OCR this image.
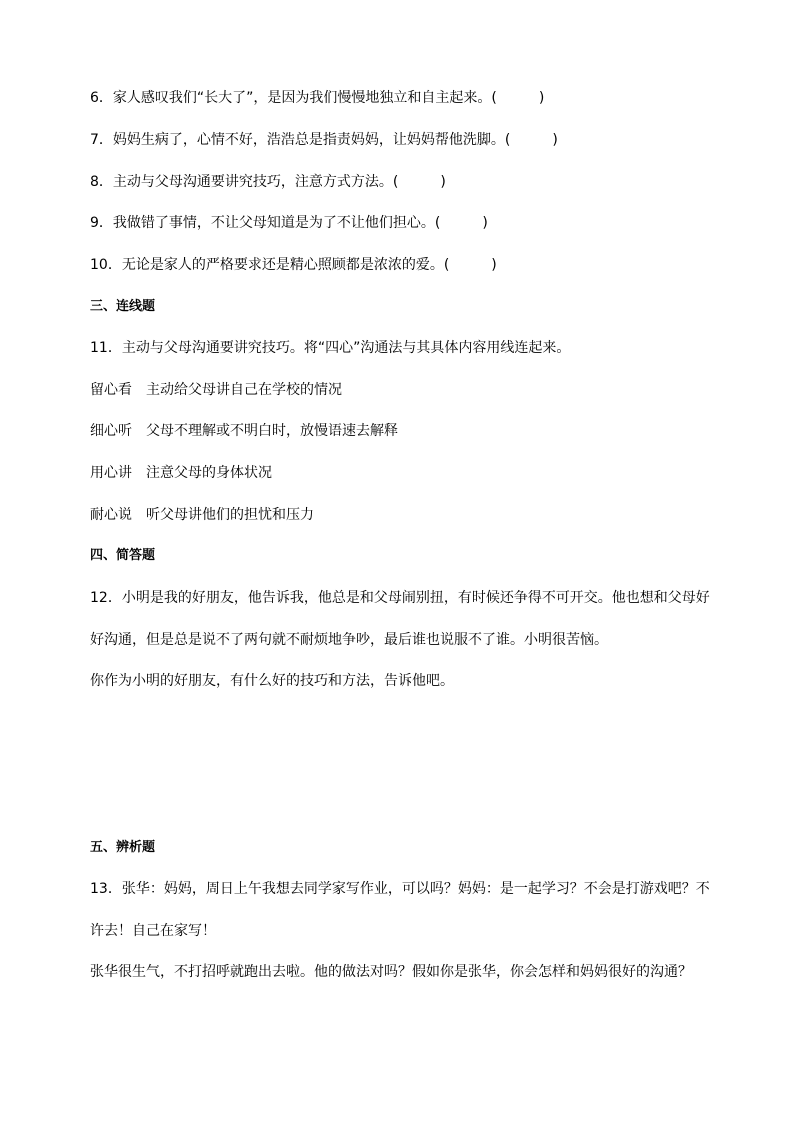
6．家人感叹我们“长大了”，是因为我们慢慢地独立和自主起来。(　　　)
7．妈妈生病了，心情不好，浩浩总是指责妈妈，让妈妈帮他洗脚。(　　　)
8．主动与父母沟通要讲究技巧，注意方式方法。(　　　)
9．我做错了事情，不让父母知道是为了不让他们担心。(　　　)
10．无论是家人的严格要求还是精心照顾都是浓浓的爱。(　　　)
三、连线题
11．主动与父母沟通要讲究技巧。将“四心”沟通法与其具体内容用线连起来。
留心看 主动给父母讲自己在学校的情况
细心听 父母不理解或不明白时，放慢语速去解释
用心讲 注意父母的身体状况
耐心说 听父母讲他们的担忧和压力
四、简答题
12．小明是我的好朋友，他告诉我，他总是和父母闹别扭，有时候还争得不可开交。他也想和父母好
好沟通，但是总是说不了两句就不耐烦地争吵，最后谁也说服不了谁。小明很苦恼。
你作为小明的好朋友，有什么好的技巧和方法，告诉他吧。
五、辨析题
13．张华：妈妈，周日上午我想去同学家写作业，可以吗？妈妈：是一起学习？不会是打游戏吧？不
许去！自己在家写！
张华很生气，不打招呼就跑出去啦。他的做法对吗？假如你是张华，你会怎样和妈妈很好的沟通？
